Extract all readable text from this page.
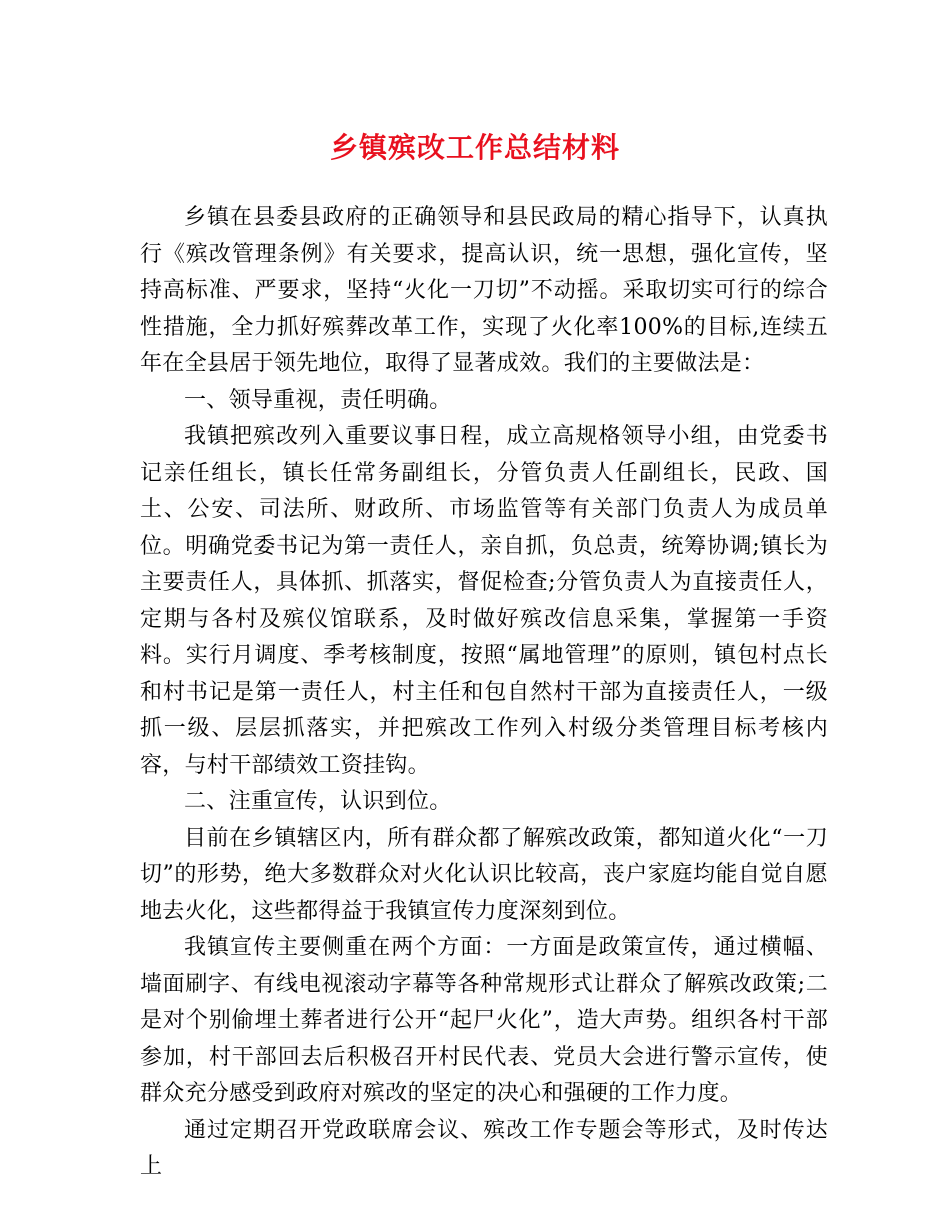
乡镇殡改工作总结材料

乡镇在县委县政府的正确领导和县民政局的精心指导下，认真执行《殡改管理条例》有关要求，提高认识，统一思想，强化宣传，坚持高标准、严要求，坚持“火化一刀切”不动摇。采取切实可行的综合性措施，全力抓好殡葬改革工作，实现了火化率100%的目标,连续五年在全县居于领先地位，取得了显著成效。我们的主要做法是：

一、领导重视，责任明确。

我镇把殡改列入重要议事日程，成立高规格领导小组，由党委书记亲任组长，镇长任常务副组长，分管负责人任副组长，民政、国土、公安、司法所、财政所、市场监管等有关部门负责人为成员单位。明确党委书记为第一责任人，亲自抓，负总责，统筹协调;镇长为主要责任人，具体抓、抓落实，督促检查;分管负责人为直接责任人，定期与各村及殡仪馆联系，及时做好殡改信息采集，掌握第一手资料。实行月调度、季考核制度，按照“属地管理”的原则，镇包村点长和村书记是第一责任人，村主任和包自然村干部为直接责任人，一级抓一级、层层抓落实，并把殡改工作列入村级分类管理目标考核内容，与村干部绩效工资挂钩。

二、注重宣传，认识到位。

目前在乡镇辖区内，所有群众都了解殡改政策，都知道火化“一刀切”的形势，绝大多数群众对火化认识比较高，丧户家庭均能自觉自愿地去火化，这些都得益于我镇宣传力度深刻到位。

我镇宣传主要侧重在两个方面：一方面是政策宣传，通过横幅、墙面刷字、有线电视滚动字幕等各种常规形式让群众了解殡改政策;二是对个别偷埋土葬者进行公开“起尸火化”，造大声势。组织各村干部参加，村干部回去后积极召开村民代表、党员大会进行警示宣传，使群众充分感受到政府对殡改的坚定的决心和强硬的工作力度。

通过定期召开党政联席会议、殡改工作专题会等形式，及时传达上
